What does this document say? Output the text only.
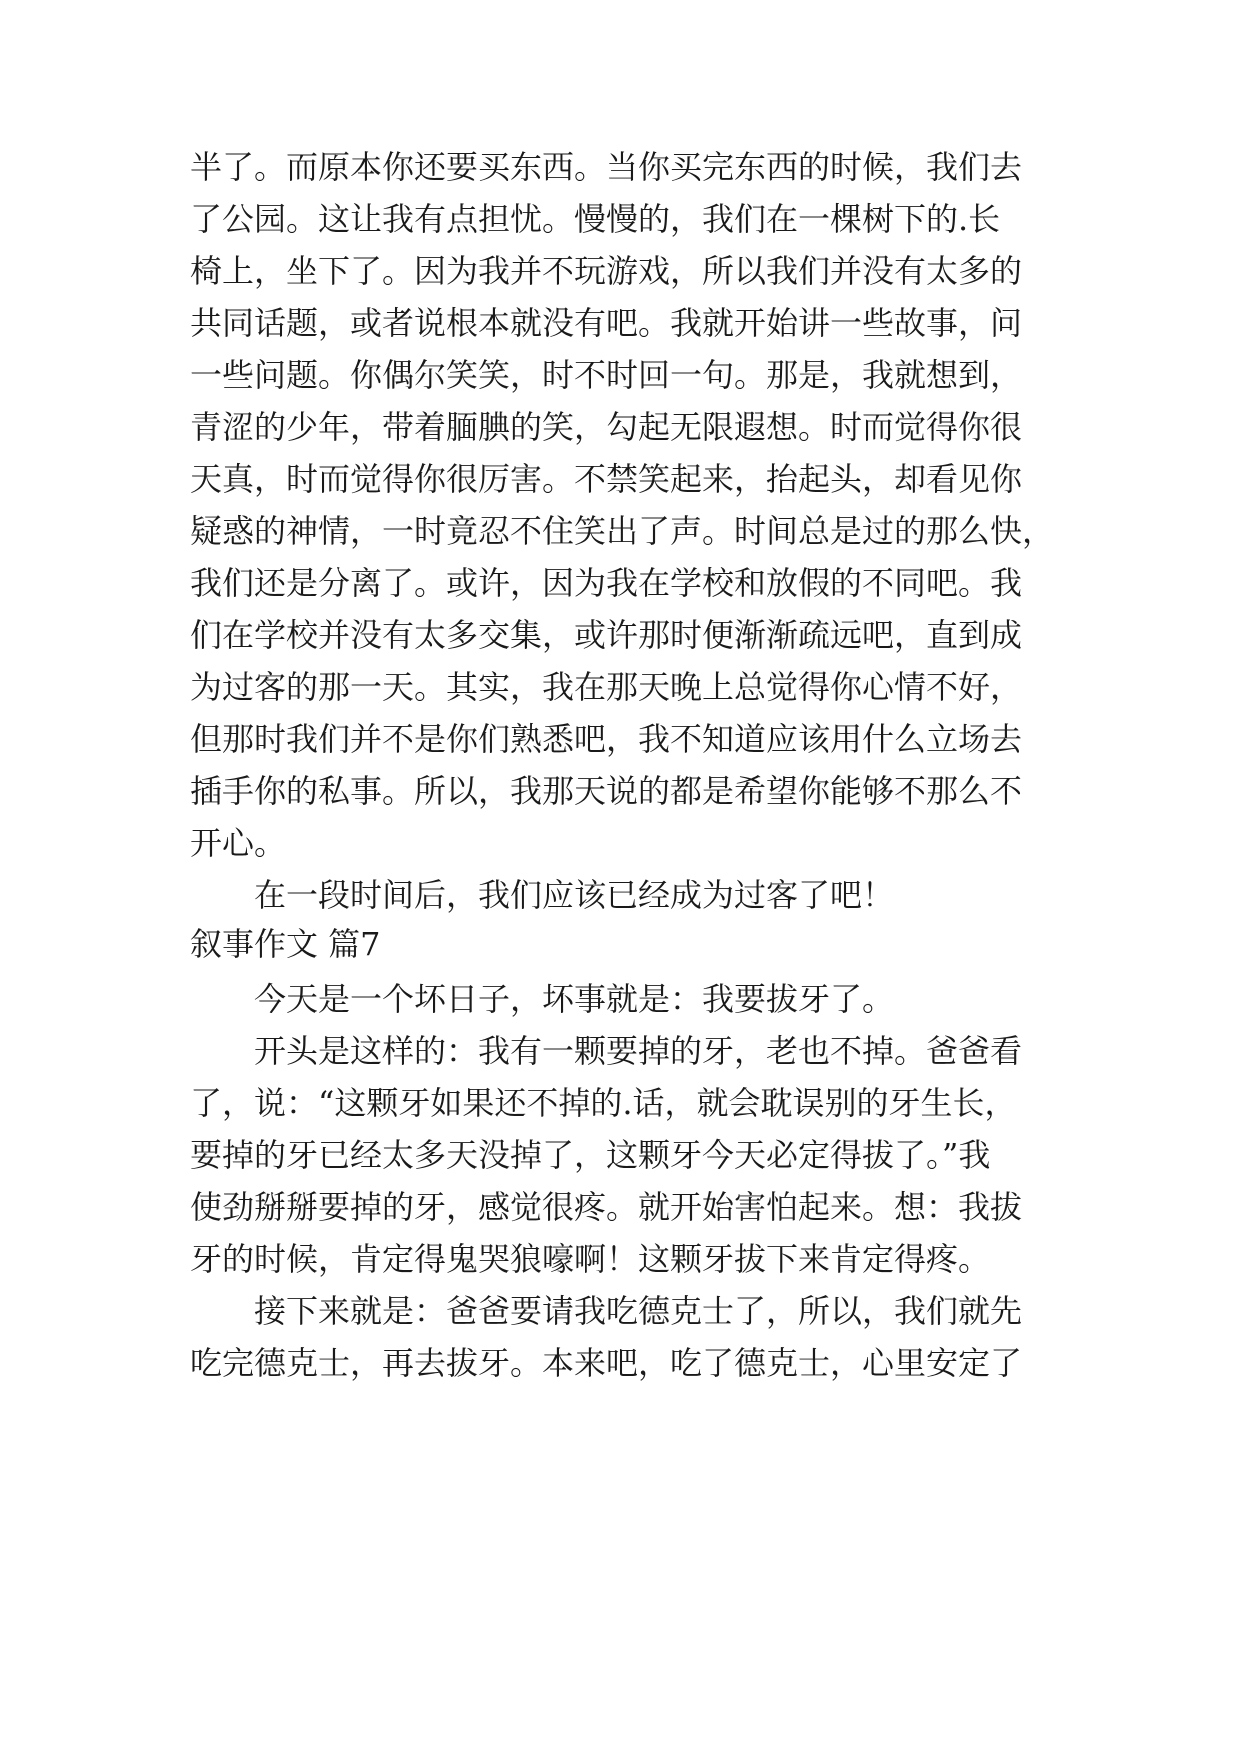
半了。而原本你还要买东西。当你买完东西的时候，我们去
了公园。这让我有点担忧。慢慢的，我们在一棵树下的.长
椅上，坐下了。因为我并不玩游戏，所以我们并没有太多的
共同话题，或者说根本就没有吧。我就开始讲一些故事，问
一些问题。你偶尔笑笑，时不时回一句。那是，我就想到，
青涩的少年，带着腼腆的笑，勾起无限遐想。时而觉得你很
天真，时而觉得你很厉害。不禁笑起来，抬起头，却看见你
疑惑的神情，一时竟忍不住笑出了声。时间总是过的那么快，
我们还是分离了。或许，因为我在学校和放假的不同吧。我
们在学校并没有太多交集，或许那时便渐渐疏远吧，直到成
为过客的那一天。其实，我在那天晚上总觉得你心情不好，
但那时我们并不是你们熟悉吧，我不知道应该用什么立场去
插手你的私事。所以，我那天说的都是希望你能够不那么不
开心。
在一段时间后，我们应该已经成为过客了吧！
叙事作文 篇7
今天是一个坏日子，坏事就是：我要拔牙了。
开头是这样的：我有一颗要掉的牙，老也不掉。爸爸看
了，说：“这颗牙如果还不掉的.话，就会耽误别的牙生长，
要掉的牙已经太多天没掉了，这颗牙今天必定得拔了。”我
使劲掰掰要掉的牙，感觉很疼。就开始害怕起来。想：我拔
牙的时候，肯定得鬼哭狼嚎啊！这颗牙拔下来肯定得疼。
接下来就是：爸爸要请我吃德克士了，所以，我们就先
吃完德克士，再去拔牙。本来吧，吃了德克士，心里安定了
